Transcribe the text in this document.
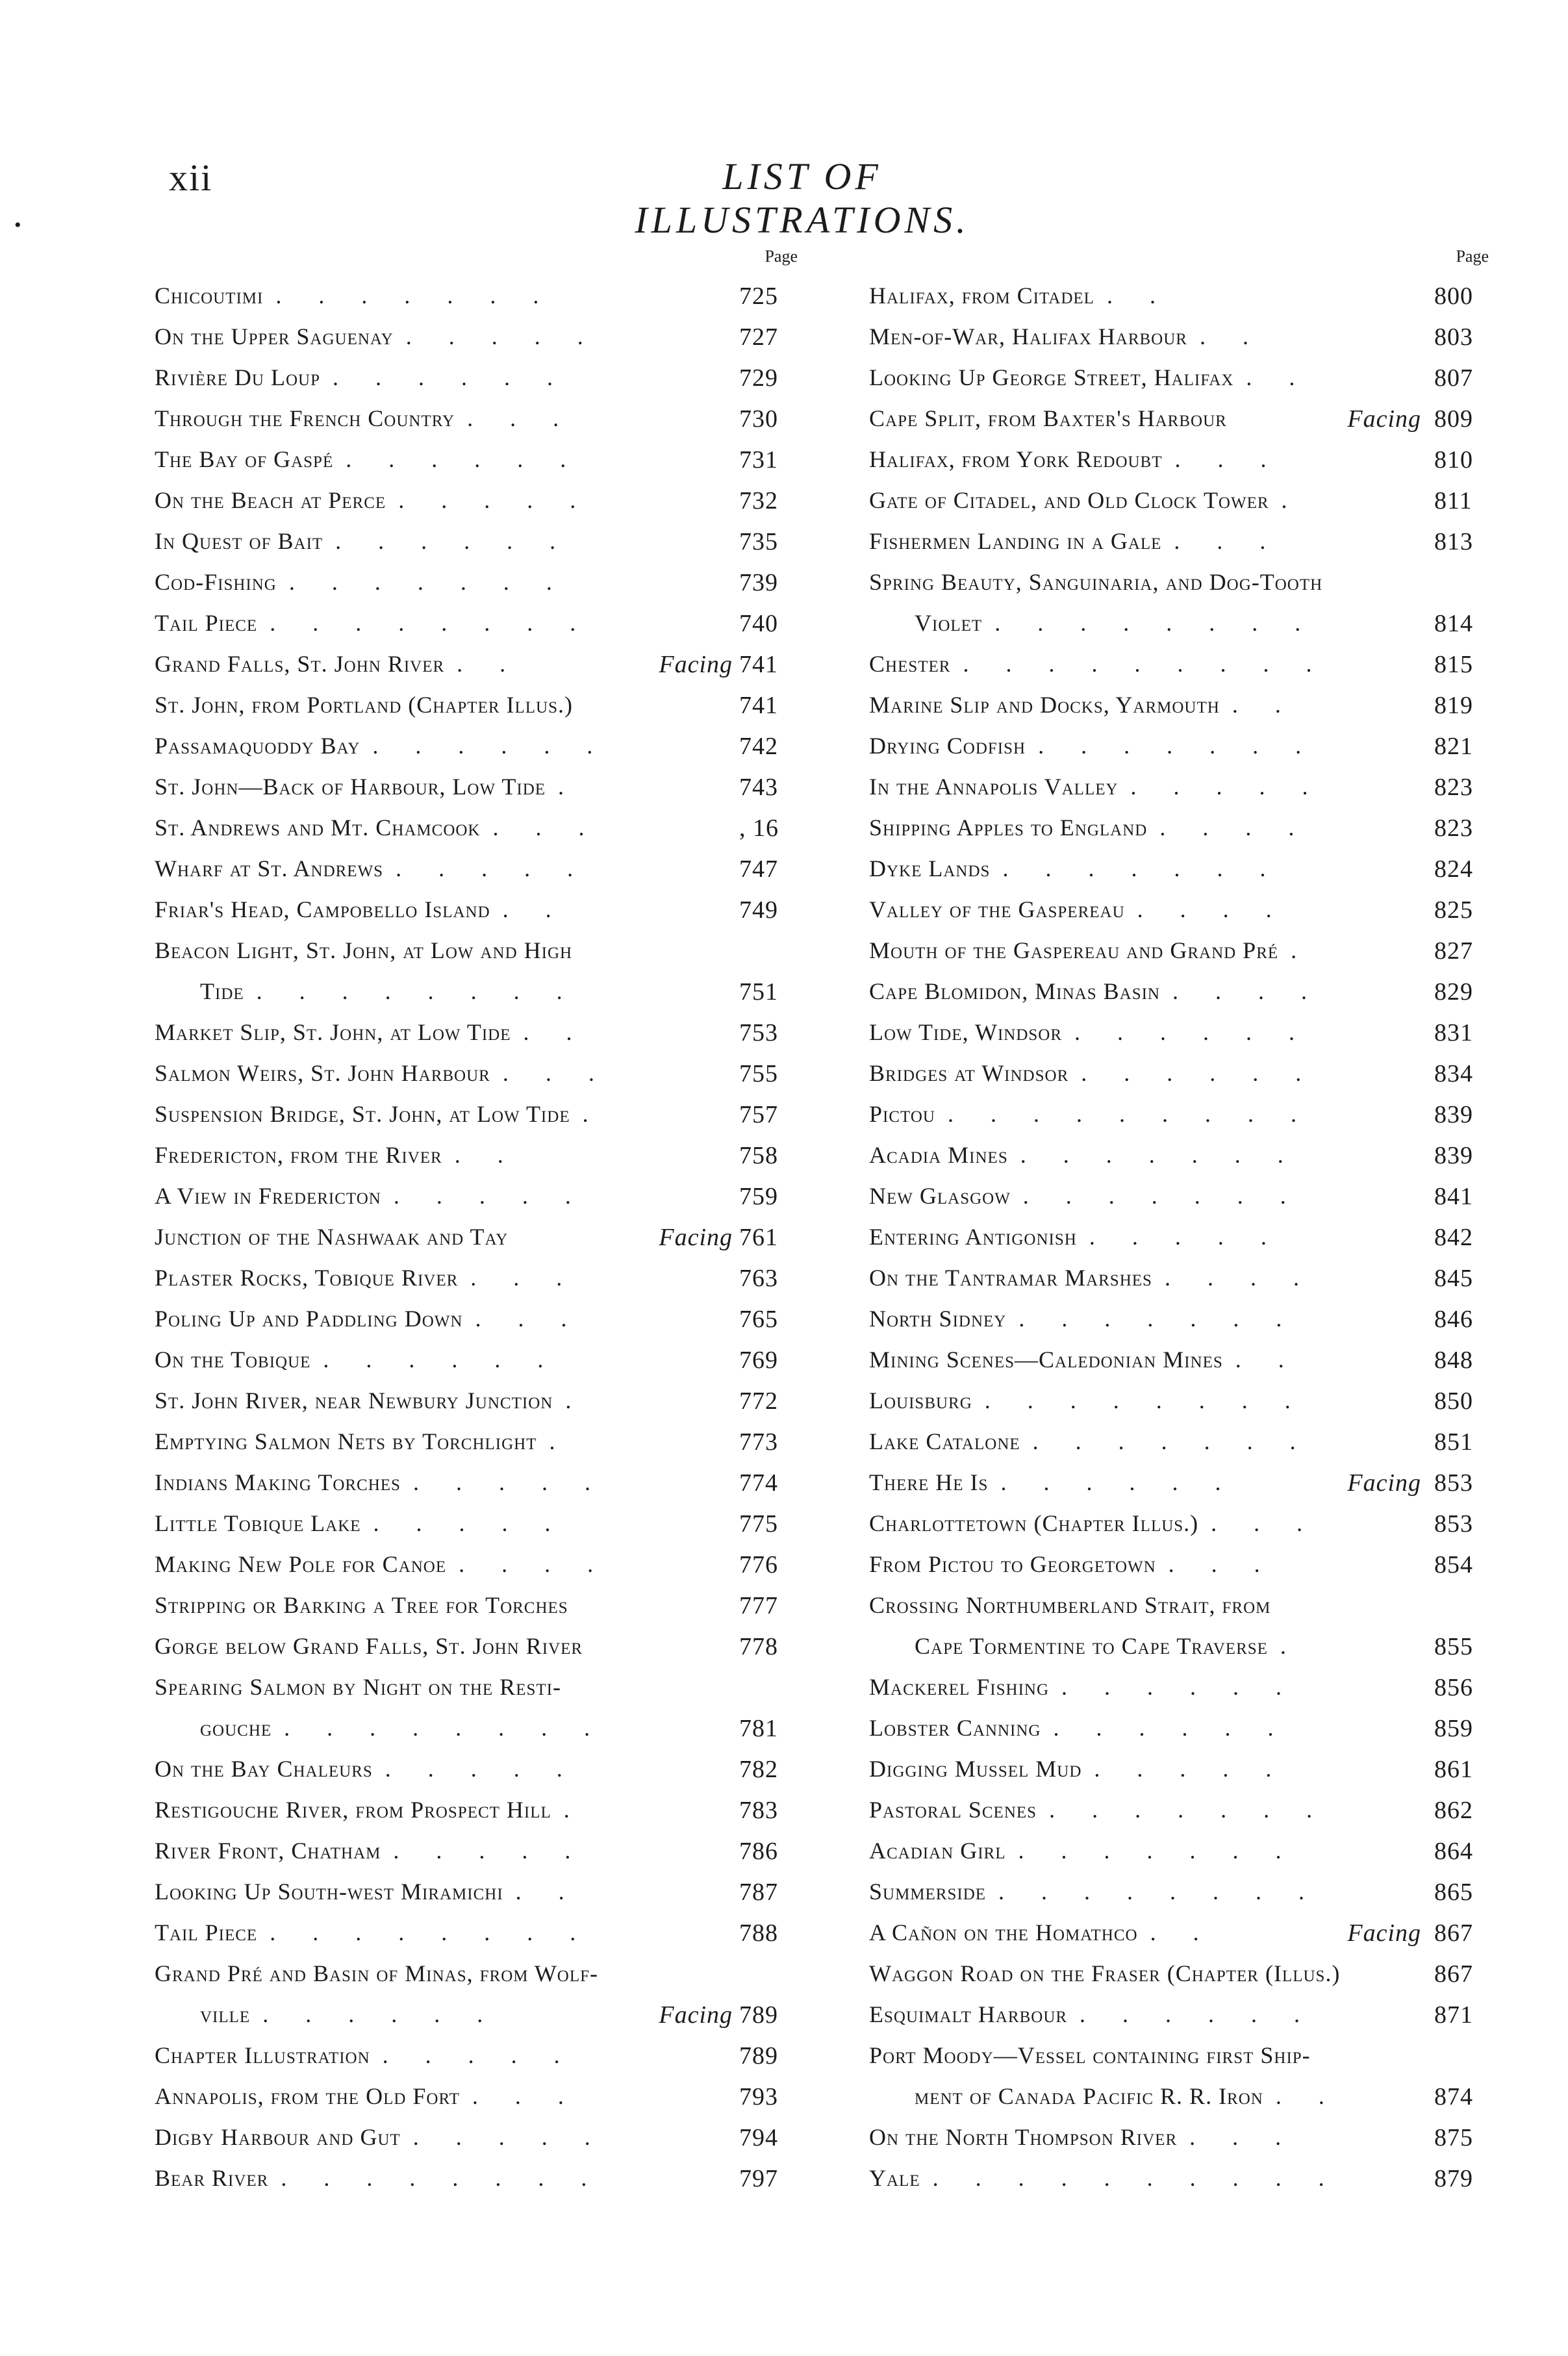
•
xii	LIST OF ILLUSTRATIONS.
Page
Chicoutimi  . . . . . . .	725
On the Upper Saguenay  . . . . .	727
Rivière Du Loup  . . . . . .	729
Through the French Country  . . .	730
The Bay of Gaspé  . . . . . .	731
On the Beach at Perce  . . . . .	732
In Quest of Bait  . . . . . .	735
Cod-Fishing  . . . . . . .	739
Tail Piece  . . . . . . . .	740
Grand Falls, St. John River  . .	Facing 741
St. John, from Portland (Chapter Illus.)	741
Passamaquoddy Bay  . . . . . .	742
St. John—Back of Harbour, Low Tide  .	743
St. Andrews and Mt. Chamcook  . . .	, 16
Wharf at St. Andrews  . . . . .	747
Friar's Head, Campobello Island  . .	749
Beacon Light, St. John, at Low and High
Tide  . . . . . . . .	751
Market Slip, St. John, at Low Tide  . .	753
Salmon Weirs, St. John Harbour  . . .	755
Suspension Bridge, St. John, at Low Tide  .	757
Fredericton, from the River  . .	758
A View in Fredericton  . . . . .	759
Junction of the Nashwaak and Tay	Facing 761
Plaster Rocks, Tobique River  . . .	763
Poling Up and Paddling Down  . . .	765
On the Tobique  . . . . . .	769
St. John River, near Newbury Junction  .	772
Emptying Salmon Nets by Torchlight  .	773
Indians Making Torches  . . . . .	774
Little Tobique Lake  . . . . .	775
Making New Pole for Canoe  . . . .	776
Stripping or Barking a Tree for Torches	777
Gorge below Grand Falls, St. John River	778
Spearing Salmon by Night on the Resti-
gouche  . . . . . . . .	781
On the Bay Chaleurs  . . . . .	782
Restigouche River, from Prospect Hill  .	783
River Front, Chatham  . . . . .	786
Looking Up South-west Miramichi  . .	787
Tail Piece  . . . . . . . .	788
Grand Pré and Basin of Minas, from Wolf-
ville  . . . . . .	Facing 789
Chapter Illustration  . . . . .	789
Annapolis, from the Old Fort  . . .	793
Digby Harbour and Gut  . . . . .	794
Bear River  . . . . . . . .	797
Page
Halifax, from Citadel  . .	800
Men-of-War, Halifax Harbour  . .	803
Looking Up George Street, Halifax  . .	807
Cape Split, from Baxter's Harbour	Facing 809
Halifax, from York Redoubt  . . .	810
Gate of Citadel, and Old Clock Tower  .	811
Fishermen Landing in a Gale  . . .	813
Spring Beauty, Sanguinaria, and Dog-Tooth
Violet  . . . . . . . .	814
Chester  . . . . . . . . .	815
Marine Slip and Docks, Yarmouth  . .	819
Drying Codfish  . . . . . . .	821
In the Annapolis Valley  . . . . .	823
Shipping Apples to England  . . . .	823
Dyke Lands  . . . . . . .	824
Valley of the Gaspereau  . . . .	825
Mouth of the Gaspereau and Grand Pré  .	827
Cape Blomidon, Minas Basin  . . . .	829
Low Tide, Windsor  . . . . . .	831
Bridges at Windsor  . . . . . .	834
Pictou  . . . . . . . . .	839
Acadia Mines  . . . . . . .	839
New Glasgow  . . . . . . .	841
Entering Antigonish  . . . . .	842
On the Tantramar Marshes  . . . .	845
North Sidney  . . . . . . .	846
Mining Scenes—Caledonian Mines  . .	848
Louisburg  . . . . . . . .	850
Lake Catalone  . . . . . . .	851
There He Is  . . . . . .	Facing 853
Charlottetown (Chapter Illus.)  . . .	853
From Pictou to Georgetown  . . .	854
Crossing Northumberland Strait, from
Cape Tormentine to Cape Traverse  .	855
Mackerel Fishing  . . . . . .	856
Lobster Canning  . . . . . .	859
Digging Mussel Mud  . . . . .	861
Pastoral Scenes  . . . . . . .	862
Acadian Girl  . . . . . . .	864
Summerside  . . . . . . . .	865
A Cañon on the Homathco  . .	Facing 867
Waggon Road on the Fraser (Chapter (Illus.)	867
Esquimalt Harbour  . . . . . .	871
Port Moody—Vessel containing first Ship-
ment of Canada Pacific R. R. Iron  . .	874
On the North Thompson River  . . .	875
Yale  . . . . . . . . . .	879
